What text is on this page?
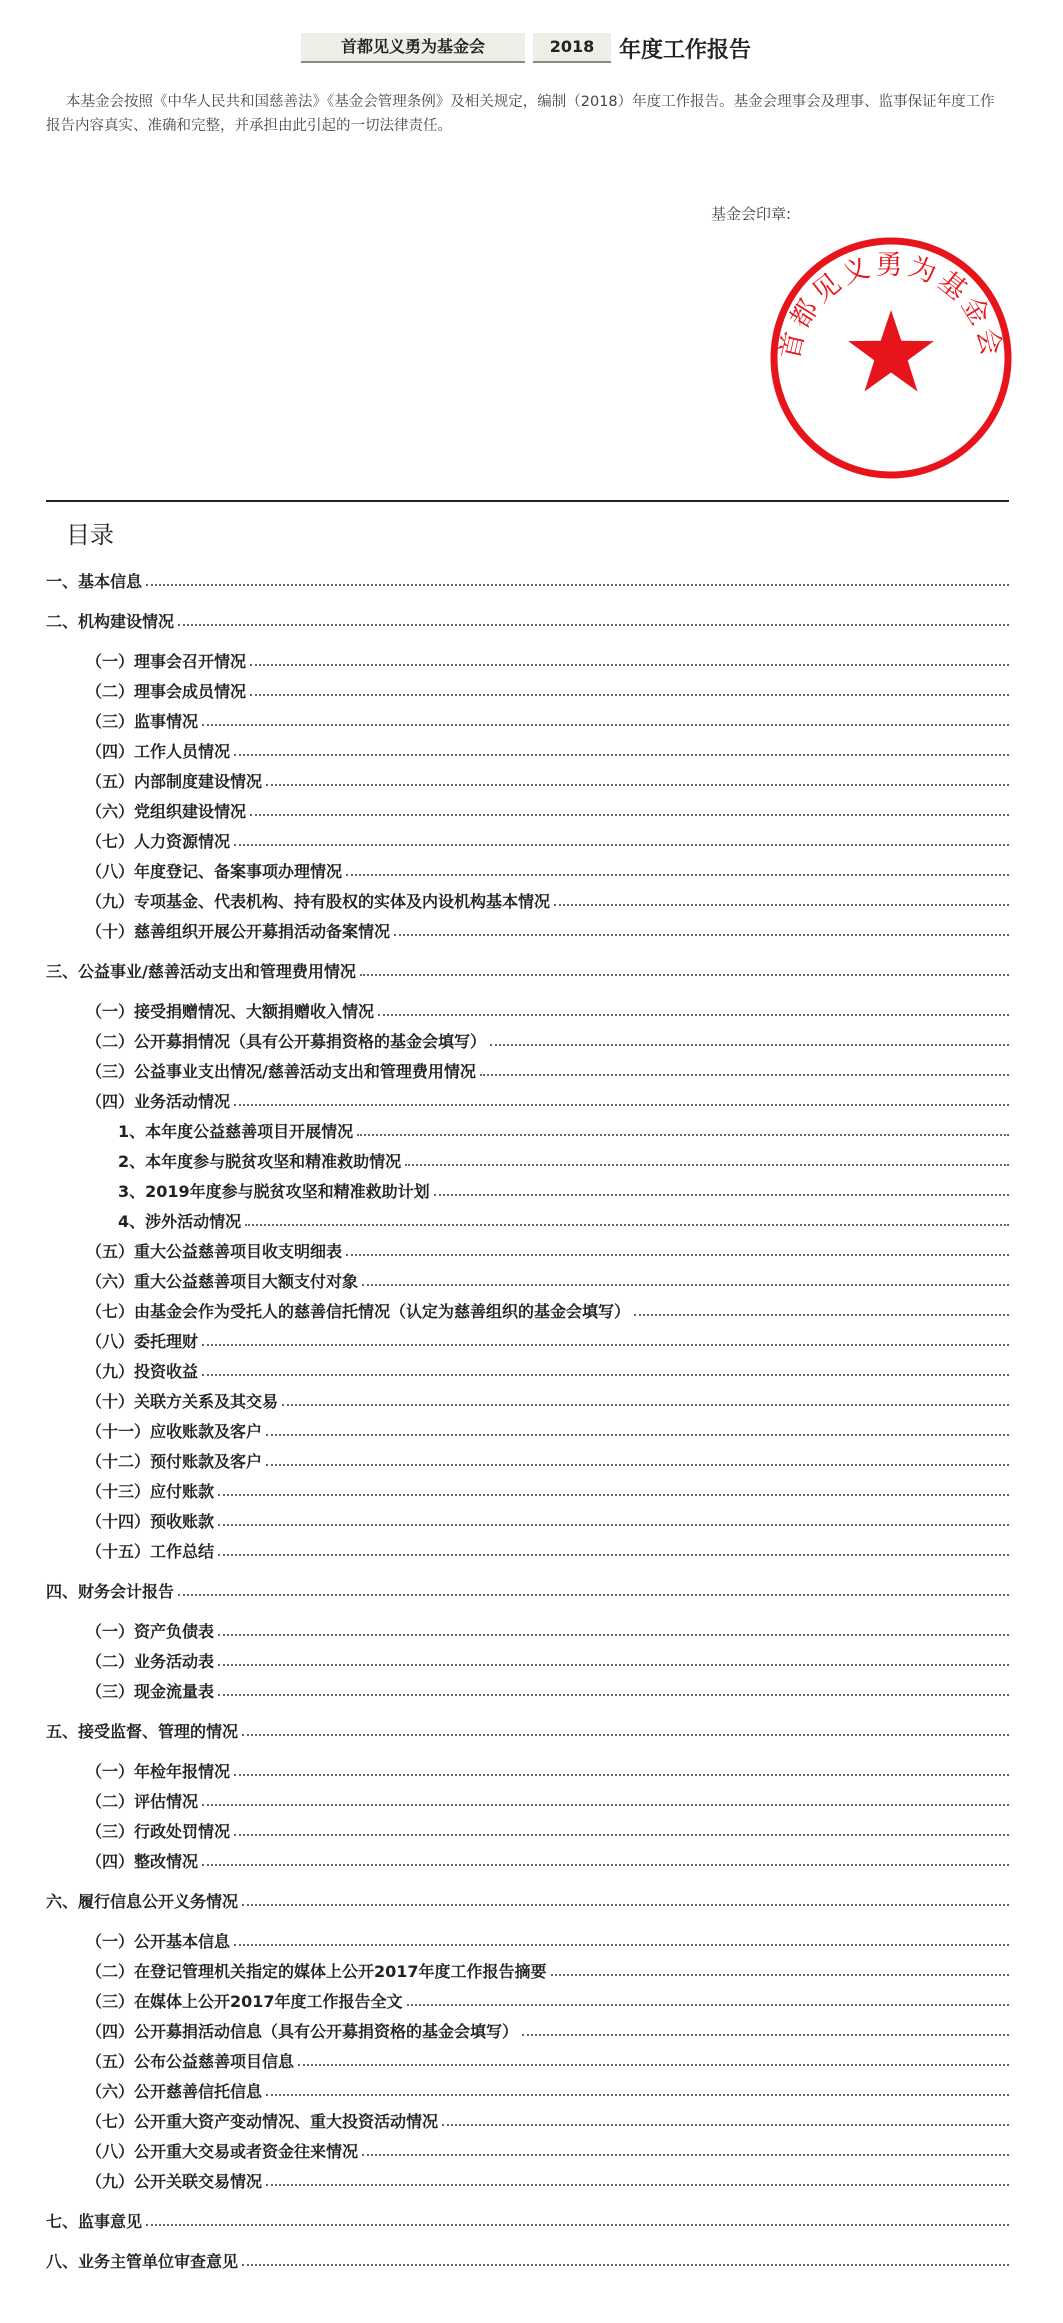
首都见义勇为基金会	2018	年度工作报告
本基金会按照《中华人民共和国慈善法》《基金会管理条例》及相关规定，编制（2018）年度工作报告。基金会理事会及理事、监事保证年度工作报告内容真实、准确和完整，并承担由此引起的一切法律责任。
基金会印章:
首都见义勇为基金会
目录
一、基本信息
二、机构建设情况
（一）理事会召开情况
（二）理事会成员情况
（三）监事情况
（四）工作人员情况
（五）内部制度建设情况
（六）党组织建设情况
（七）人力资源情况
（八）年度登记、备案事项办理情况
（九）专项基金、代表机构、持有股权的实体及内设机构基本情况
（十）慈善组织开展公开募捐活动备案情况
三、公益事业/慈善活动支出和管理费用情况
（一）接受捐赠情况、大额捐赠收入情况
（二）公开募捐情况（具有公开募捐资格的基金会填写）
（三）公益事业支出情况/慈善活动支出和管理费用情况
（四）业务活动情况
1、本年度公益慈善项目开展情况
2、本年度参与脱贫攻坚和精准救助情况
3、2019年度参与脱贫攻坚和精准救助计划
4、涉外活动情况
（五）重大公益慈善项目收支明细表
（六）重大公益慈善项目大额支付对象
（七）由基金会作为受托人的慈善信托情况（认定为慈善组织的基金会填写）
（八）委托理财
（九）投资收益
（十）关联方关系及其交易
（十一）应收账款及客户
（十二）预付账款及客户
（十三）应付账款
（十四）预收账款
（十五）工作总结
四、财务会计报告
（一）资产负债表
（二）业务活动表
（三）现金流量表
五、接受监督、管理的情况
（一）年检年报情况
（二）评估情况
（三）行政处罚情况
（四）整改情况
六、履行信息公开义务情况
（一）公开基本信息
（二）在登记管理机关指定的媒体上公开2017年度工作报告摘要
（三）在媒体上公开2017年度工作报告全文
（四）公开募捐活动信息（具有公开募捐资格的基金会填写）
（五）公布公益慈善项目信息
（六）公开慈善信托信息
（七）公开重大资产变动情况、重大投资活动情况
（八）公开重大交易或者资金往来情况
（九）公开关联交易情况
七、监事意见
八、业务主管单位审查意见
